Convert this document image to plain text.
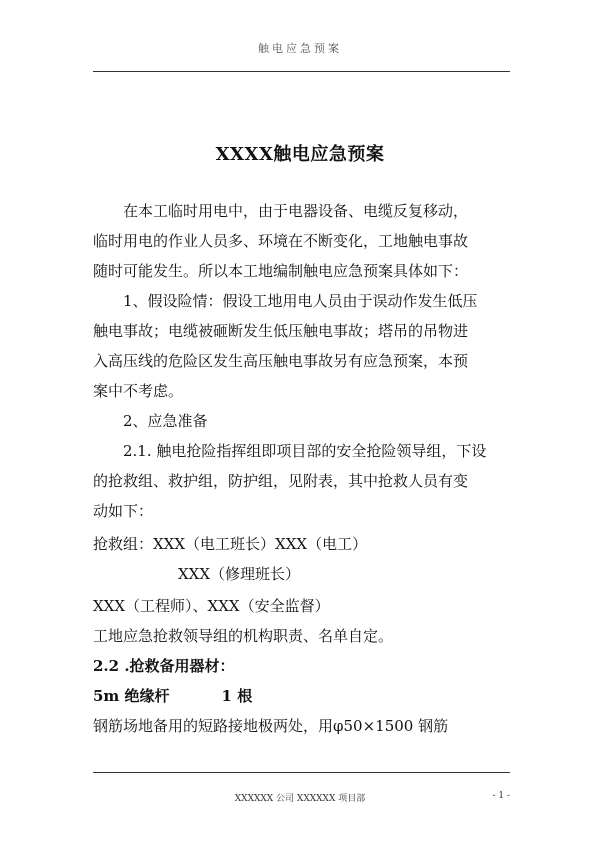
触电应急预案
XXXX触电应急预案
在本工临时用电中，由于电器设备、电缆反复移动，
临时用电的作业人员多、环境在不断变化，工地触电事故
随时可能发生。所以本工地编制触电应急预案具体如下：
1、假设险情：假设工地用电人员由于误动作发生低压
触电事故；电缆被砸断发生低压触电事故；塔吊的吊物进
入高压线的危险区发生高压触电事故另有应急预案，本预
案中不考虑。
2、应急准备
2.1. 触电抢险指挥组即项目部的安全抢险领导组，下设
的抢救组、救护组，防护组，见附表，其中抢救人员有变
动如下：
抢救组：XXX（电工班长）XXX（电工）
XXX（修理班长）
XXX（工程师）、XXX（安全监督）
工地应急抢救领导组的机构职责、名单自定。
2.2 .抢救备用器材：
5m 绝缘杆	1 根
钢筋场地备用的短路接地极两处，用φ50×1500 钢筋
XXXXXX 公司 XXXXXX 项目部	- 1 -
